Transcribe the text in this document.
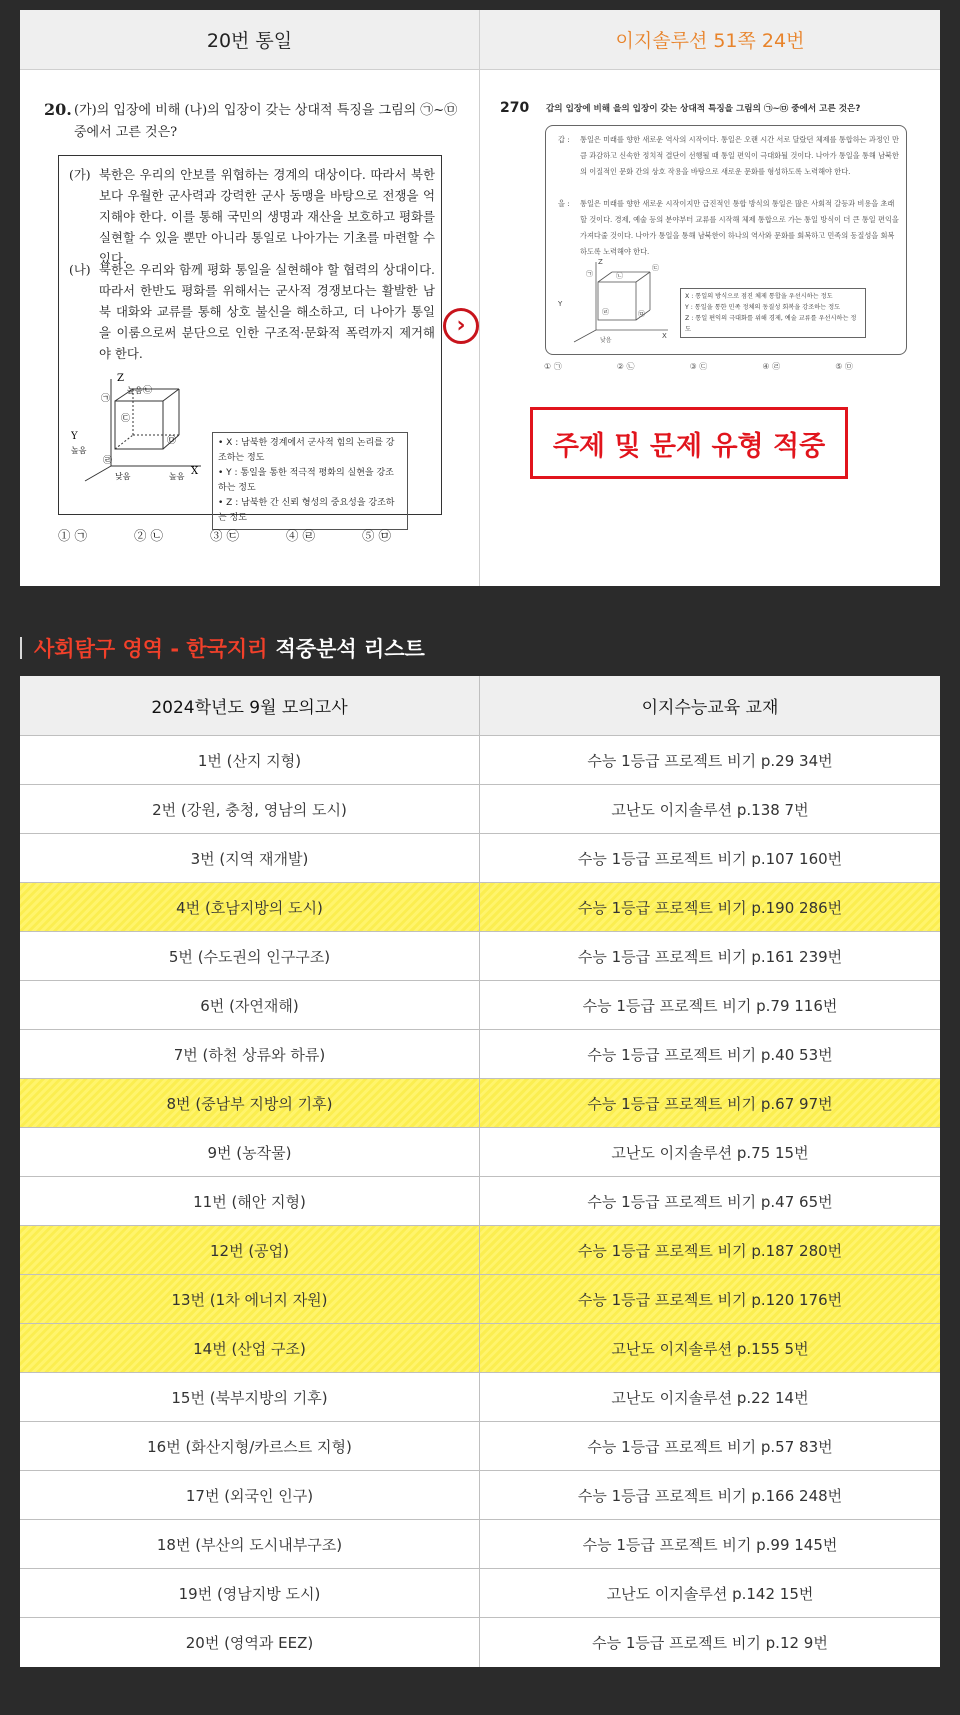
20번 통일	이지솔루션 51쪽 24번
20. (가)의 입장에 비해 (나)의 입장이 갖는 상대적 특징을 그림의 ㉠~㉤ 중에서 고른 것은?
(가) 북한은 우리의 안보를 위협하는 경계의 대상이다. 따라서 북한보다 우월한 군사력과 강력한 군사 동맹을 바탕으로 전쟁을 억지해야 한다. 이를 통해 국민의 생명과 재산을 보호하고 평화를 실현할 수 있을 뿐만 아니라 통일로 나아가는 기초를 마련할 수 있다.
(나) 북한은 우리와 함께 평화 통일을 실현해야 할 협력의 상대이다. 따라서 한반도 평화를 위해서는 군사적 경쟁보다는 활발한 남북 대화와 교류를 통해 상호 불신을 해소하고, 더 나아가 통일을 이룸으로써 분단으로 인한 구조적·문화적 폭력까지 제거해야 한다.
Z
높음
Y
높음
X
높음
낮음
㉠
㉡
㉢
㉣
㉤	• X : 남북한 경계에서 군사적 힘의 논리를 강조하는 정도
• Y : 통일을 통한 적극적 평화의 실현을 강조하는 정도
• Z : 남북한 간 신뢰 형성의 중요성을 강조하는 정도
① ㉠	② ㉡	③ ㉢	④ ㉣	⑤ ㉤
270 갑의 입장에 비해 을의 입장이 갖는 상대적 특징을 그림의 ㉠~㉤ 중에서 고른 것은?
갑 :	통일은 미래를 향한 새로운 역사의 시작이다. 통일은 오랜 시간 서로 달랐던 체제를 통합하는 과정인 만큼 과감하고 신속한 정치적 결단이 선행될 때 통일 편익이 극대화될 것이다. 나아가 통일을 통해 남북한의 이질적인 문화 간의 상호 작용을 바탕으로 새로운 문화를 형성하도록 노력해야 한다.
을 :	통일은 미래를 향한 새로운 시작이지만 급진적인 통합 방식의 통일은 많은 사회적 갈등과 비용을 초래할 것이다. 경제, 예술 등의 분야부터 교류를 시작해 체제 통합으로 가는 통일 방식이 더 큰 통일 편익을 가져다줄 것이다. 나아가 통일을 통해 남북한이 하나의 역사와 문화를 회복하고 민족의 동질성을 회복하도록 노력해야 한다.
Z
Y
X
낮음
㉠	㉡
㉢
㉣	㉤
X : 통일의 방식으로 점진 체제 통합을 우선시하는 정도
Y : 통일을 통한 민족 정체의 동질성 회복을 강조하는 정도
Z : 통일 편익의 극대화를 위해 경제, 예술 교류를 우선시하는 정도
① ㉠	② ㉡	③ ㉢	④ ㉣	⑤ ㉤
주제 및 문제 유형 적중
›
사회탐구 영역 - 한국지리 적중분석 리스트
2024학년도 9월 모의고사	이지수능교육 교재
1번 (산지 지형)	수능 1등급 프로젝트 비기 p.29 34번
2번 (강원, 충청, 영남의 도시)	고난도 이지솔루션 p.138 7번
3번 (지역 재개발)	수능 1등급 프로젝트 비기 p.107 160번
4번 (호남지방의 도시)	수능 1등급 프로젝트 비기 p.190 286번
5번 (수도권의 인구구조)	수능 1등급 프로젝트 비기 p.161 239번
6번 (자연재해)	수능 1등급 프로젝트 비기 p.79 116번
7번 (하천 상류와 하류)	수능 1등급 프로젝트 비기 p.40 53번
8번 (중남부 지방의 기후)	수능 1등급 프로젝트 비기 p.67 97번
9번 (농작물)	고난도 이지솔루션 p.75 15번
11번 (해안 지형)	수능 1등급 프로젝트 비기 p.47 65번
12번 (공업)	수능 1등급 프로젝트 비기 p.187 280번
13번 (1차 에너지 자원)	수능 1등급 프로젝트 비기 p.120 176번
14번 (산업 구조)	고난도 이지솔루션 p.155 5번
15번 (북부지방의 기후)	고난도 이지솔루션 p.22 14번
16번 (화산지형/카르스트 지형)	수능 1등급 프로젝트 비기 p.57 83번
17번 (외국인 인구)	수능 1등급 프로젝트 비기 p.166 248번
18번 (부산의 도시내부구조)	수능 1등급 프로젝트 비기 p.99 145번
19번 (영남지방 도시)	고난도 이지솔루션 p.142 15번
20번 (영역과 EEZ)	수능 1등급 프로젝트 비기 p.12 9번
